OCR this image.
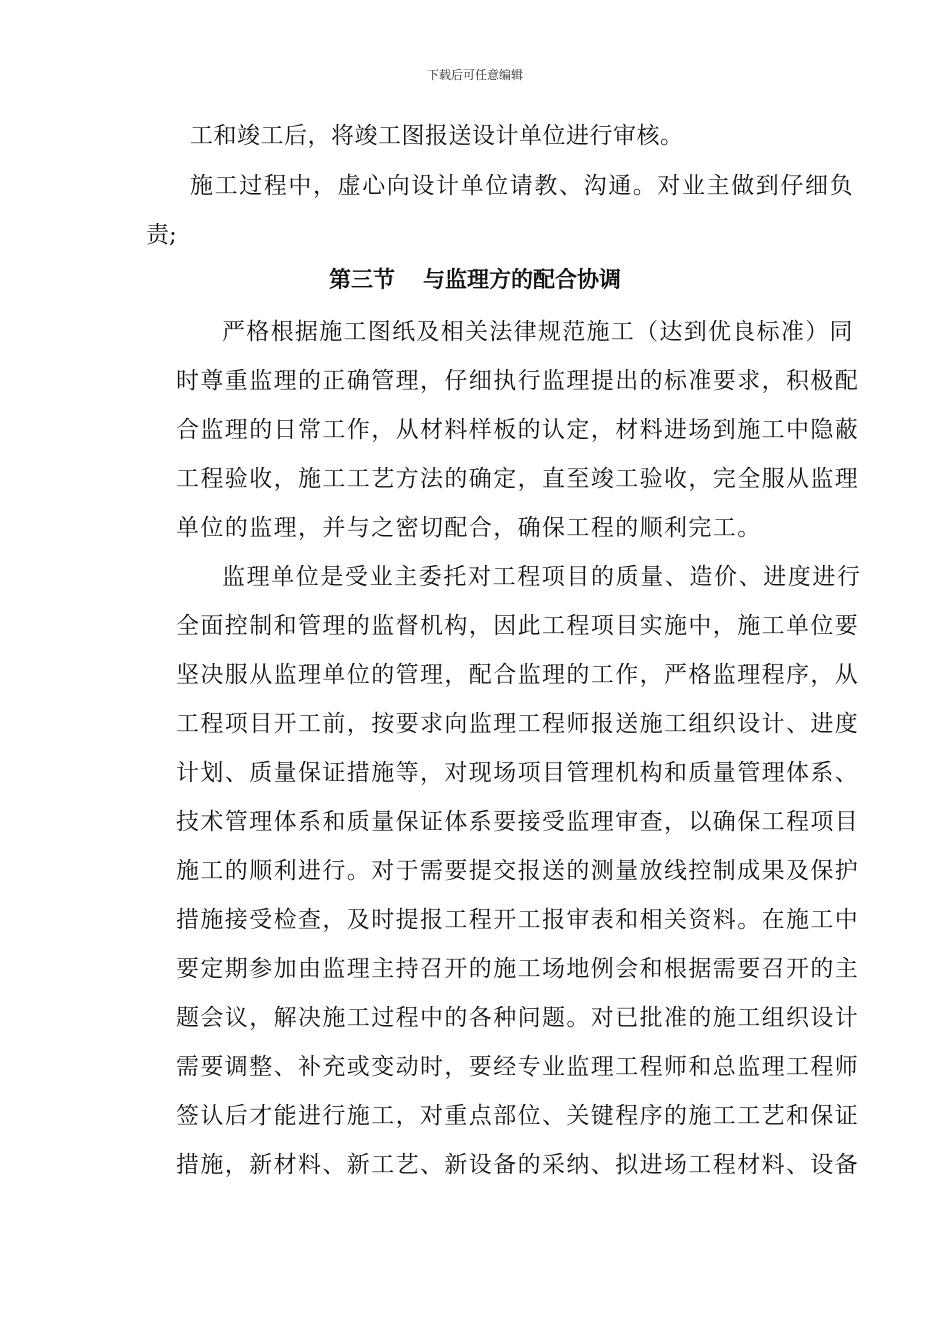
下载后可任意编辑
工和竣工后，将竣工图报送设计单位进行审核。
施工过程中，虚心向设计单位请教、沟通。对业主做到仔细负
责;
第三节 与监理方的配合协调
严格根据施工图纸及相关法律规范施工（达到优良标准）同
时尊重监理的正确管理，仔细执行监理提出的标准要求，积极配
合监理的日常工作，从材料样板的认定，材料进场到施工中隐蔽
工程验收，施工工艺方法的确定，直至竣工验收，完全服从监理
单位的监理，并与之密切配合，确保工程的顺利完工。
监理单位是受业主委托对工程项目的质量、造价、进度进行
全面控制和管理的监督机构，因此工程项目实施中，施工单位要
坚决服从监理单位的管理，配合监理的工作，严格监理程序，从
工程项目开工前，按要求向监理工程师报送施工组织设计、进度
计划、质量保证措施等，对现场项目管理机构和质量管理体系、
技术管理体系和质量保证体系要接受监理审查，以确保工程项目
施工的顺利进行。对于需要提交报送的测量放线控制成果及保护
措施接受检查，及时提报工程开工报审表和相关资料。在施工中
要定期参加由监理主持召开的施工场地例会和根据需要召开的主
题会议，解决施工过程中的各种问题。对已批准的施工组织设计
需要调整、补充或变动时，要经专业监理工程师和总监理工程师
签认后才能进行施工，对重点部位、关键程序的施工工艺和保证
措施，新材料、新工艺、新设备的采纳、拟进场工程材料、设备
